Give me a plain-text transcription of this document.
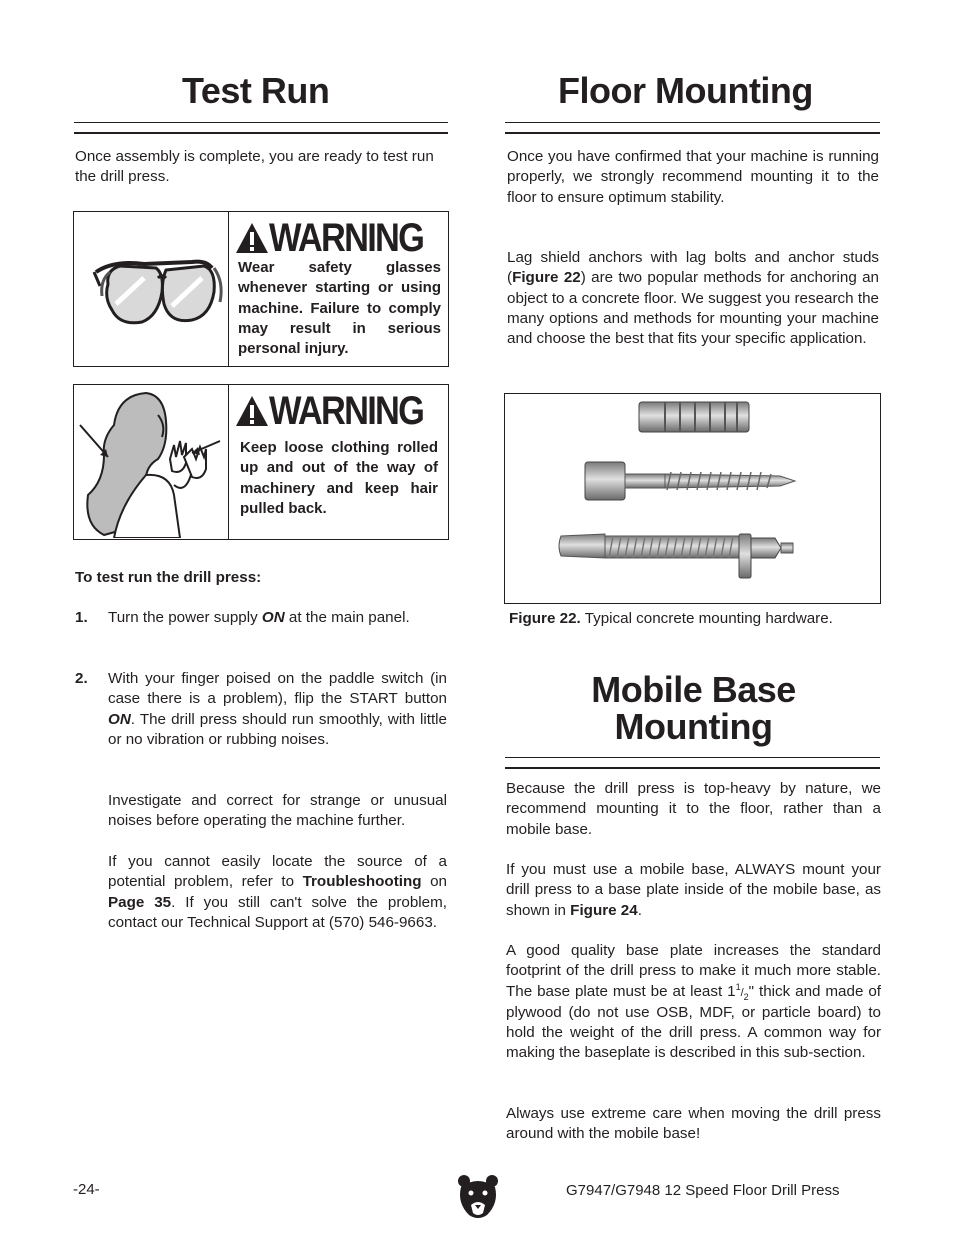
Test Run

Once assembly is complete, you are ready to test run the drill press.

WARNING
Wear safety glasses whenever starting or using machine. Failure to comply may result in serious personal injury.
WARNING
Keep loose clothing rolled up and out of the way of machinery and keep hair pulled back.

To test run the drill press:

1. Turn the power supply ON at the main panel.

2. With your finger poised on the paddle switch (in case there is a problem), flip the START button ON. The drill press should run smoothly, with little or no vibration or rubbing noises.

Investigate and correct for strange or unusual noises before operating the machine further.

If you cannot easily locate the source of a potential problem, refer to Troubleshooting on Page 35. If you still can't solve the problem, contact our Technical Support at (570) 546-9663.

Floor Mounting

Once you have confirmed that your machine is running properly, we strongly recommend mounting it to the floor to ensure optimum stability.

Lag shield anchors with lag bolts and anchor studs (Figure 22) are two popular methods for anchoring an object to a concrete floor. We suggest you research the many options and methods for mounting your machine and choose the best that fits your specific application.

Figure 22. Typical concrete mounting hardware.

Mobile Base
Mounting

Because the drill press is top-heavy by nature, we recommend mounting it to the floor, rather than a mobile base.

If you must use a mobile base, ALWAYS mount your drill press to a base plate inside of the mobile base, as shown in Figure 24.

A good quality base plate increases the standard footprint of the drill press to make it much more stable. The base plate must be at least $1^1/_2$" thick and made of plywood (do not use OSB, MDF, or particle board) to hold the weight of the drill press. A common way for making the baseplate is described in this sub-section.

Always use extreme care when moving the drill press around with the mobile base!

-24-	G7947/G7948 12 Speed Floor Drill Press
